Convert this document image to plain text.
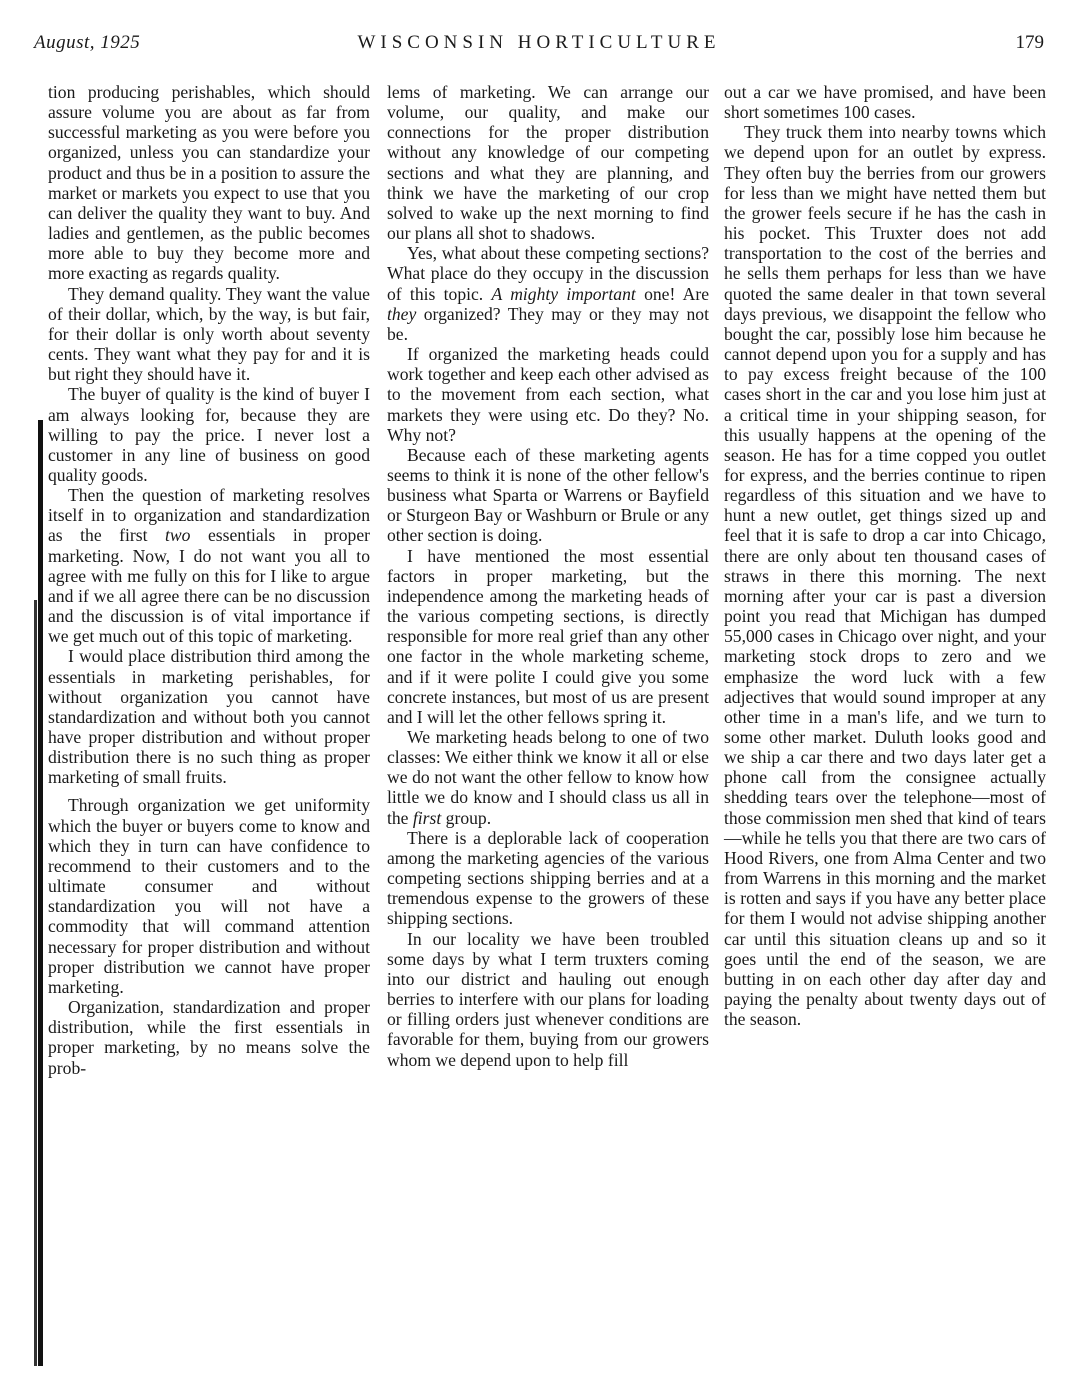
August, 1925	WISCONSIN HORTICULTURE	179

tion producing perishables, which should assure volume you are about as far from successful marketing as you were before you organized, unless you can standardize your product and thus be in a position to assure the market or markets you expect to use that you can deliver the quality they want to buy. And ladies and gentlemen, as the public becomes more able to buy they become more and more exacting as regards quality.

They demand quality. They want the value of their dollar, which, by the way, is but fair, for their dollar is only worth about seventy cents. They want what they pay for and it is but right they should have it.

The buyer of quality is the kind of buyer I am always looking for, because they are willing to pay the price. I never lost a customer in any line of business on good quality goods.

Then the question of marketing resolves itself in to organization and standardization as the first two essentials in proper marketing. Now, I do not want you all to agree with me fully on this for I like to argue and if we all agree there can be no discussion and the discussion is of vital importance if we get much out of this topic of marketing.

I would place distribution third among the essentials in marketing perishables, for without organization you cannot have standardization and without both you cannot have proper distribution and without proper distribution there is no such thing as proper marketing of small fruits.

Through organization we get uniformity which the buyer or buyers come to know and which they in turn can have confidence to recommend to their customers and to the ultimate consumer and without standardization you will not have a commodity that will command attention necessary for proper distribution and without proper distribution we cannot have proper marketing.

Organization, standardization and proper distribution, while the first essentials in proper marketing, by no means solve the prob-

lems of marketing. We can arrange our volume, our quality, and make our connections for the proper distribution without any knowledge of our competing sections and what they are planning, and think we have the marketing of our crop solved to wake up the next morning to find our plans all shot to shadows.

Yes, what about these competing sections? What place do they occupy in the discussion of this topic. A mighty important one! Are they organized? They may or they may not be.

If organized the marketing heads could work together and keep each other advised as to the movement from each section, what markets they were using etc. Do they? No. Why not?

Because each of these marketing agents seems to think it is none of the other fellow's business what Sparta or Warrens or Bayfield or Sturgeon Bay or Washburn or Brule or any other section is doing.

I have mentioned the most essential factors in proper marketing, but the independence among the marketing heads of the various competing sections, is directly responsible for more real grief than any other one factor in the whole marketing scheme, and if it were polite I could give you some concrete instances, but most of us are present and I will let the other fellows spring it.

We marketing heads belong to one of two classes: We either think we know it all or else we do not want the other fellow to know how little we do know and I should class us all in the first group.

There is a deplorable lack of cooperation among the marketing agencies of the various competing sections shipping berries and at a tremendous expense to the growers of these shipping sections.

In our locality we have been troubled some days by what I term truxters coming into our district and hauling out enough berries to interfere with our plans for loading or filling orders just whenever conditions are favorable for them, buying from our growers whom we depend upon to help fill

out a car we have promised, and have been short sometimes 100 cases.

They truck them into nearby towns which we depend upon for an outlet by express. They often buy the berries from our growers for less than we might have netted them but the grower feels secure if he has the cash in his pocket. This Truxter does not add transportation to the cost of the berries and he sells them perhaps for less than we have quoted the same dealer in that town several days previous, we disappoint the fellow who bought the car, possibly lose him because he cannot depend upon you for a supply and has to pay excess freight because of the 100 cases short in the car and you lose him just at a critical time in your shipping season, for this usually happens at the opening of the season. He has for a time copped you outlet for express, and the berries continue to ripen regardless of this situation and we have to hunt a new outlet, get things sized up and feel that it is safe to drop a car into Chicago, there are only about ten thousand cases of straws in there this morning. The next morning after your car is past a diversion point you read that Michigan has dumped 55,000 cases in Chicago over night, and your marketing stock drops to zero and we emphasize the word luck with a few adjectives that would sound improper at any other time in a man's life, and we turn to some other market. Duluth looks good and we ship a car there and two days later get a phone call from the consignee actually shedding tears over the telephone—most of those commission men shed that kind of tears—while he tells you that there are two cars of Hood Rivers, one from Alma Center and two from Warrens in this morning and the market is rotten and says if you have any better place for them I would not advise shipping another car until this situation cleans up and so it goes until the end of the season, we are butting in on each other day after day and paying the penalty about twenty days out of the season.
